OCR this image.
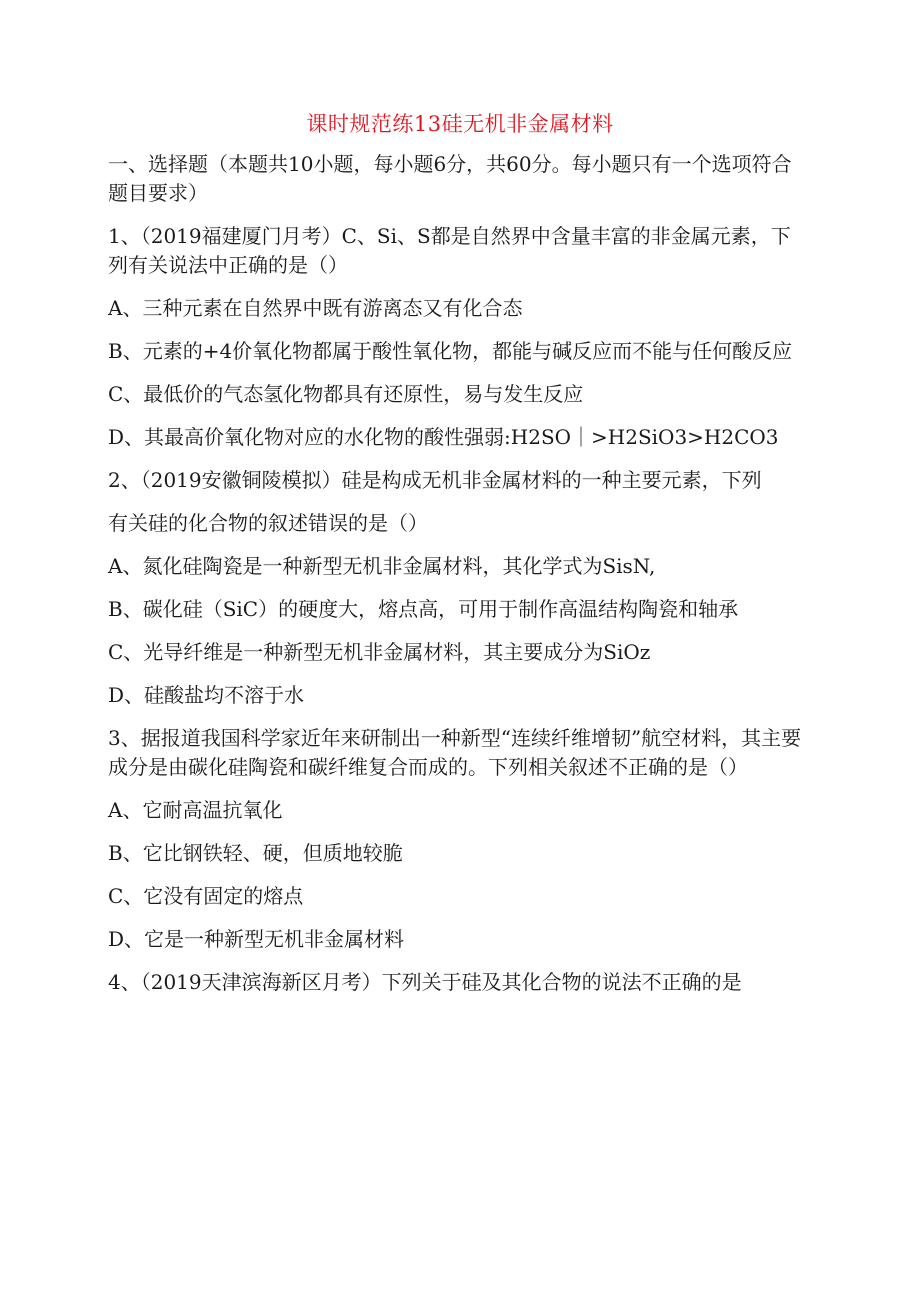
课时规范练13硅无机非金属材料

一、选择题（本题共10小题，每小题6分，共60分。每小题只有一个选项符合题目要求）

1、（2019福建厦门月考）C、Si、S都是自然界中含量丰富的非金属元素，下列有关说法中正确的是（）

A、三种元素在自然界中既有游离态又有化合态

B、元素的+4价氧化物都属于酸性氧化物，都能与碱反应而不能与任何酸反应

C、最低价的气态氢化物都具有还原性，易与发生反应

D、其最高价氧化物对应的水化物的酸性强弱:H2SO｜>H2SiO3>H2CO3

2、（2019安徽铜陵模拟）硅是构成无机非金属材料的一种主要元素，下列

有关硅的化合物的叙述错误的是（）

A、氮化硅陶瓷是一种新型无机非金属材料，其化学式为SisN,

B、碳化硅（SiC）的硬度大，熔点高，可用于制作高温结构陶瓷和轴承

C、光导纤维是一种新型无机非金属材料，其主要成分为SiOz

D、硅酸盐均不溶于水

3、据报道我国科学家近年来研制出一种新型“连续纤维增韧”航空材料，其主要成分是由碳化硅陶瓷和碳纤维复合而成的。下列相关叙述不正确的是（）

A、它耐高温抗氧化

B、它比钢铁轻、硬，但质地较脆

C、它没有固定的熔点

D、它是一种新型无机非金属材料

4、（2019天津滨海新区月考）下列关于硅及其化合物的说法不正确的是
